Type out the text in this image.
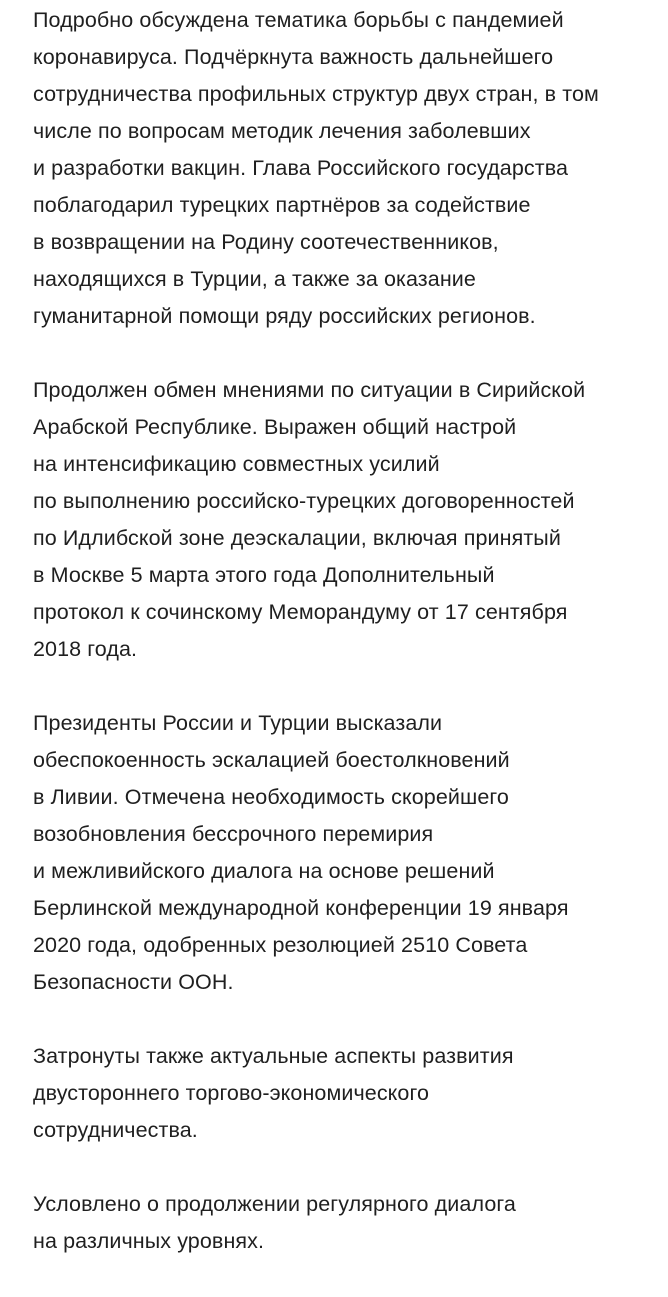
Подробно обсуждена тематика борьбы с пандемией
коронавируса. Подчёркнута важность дальнейшего
сотрудничества профильных структур двух стран, в том
числе по вопросам методик лечения заболевших
и разработки вакцин. Глава Российского государства
поблагодарил турецких партнёров за содействие
в возвращении на Родину соотечественников,
находящихся в Турции, а также за оказание
гуманитарной помощи ряду российских регионов.

Продолжен обмен мнениями по ситуации в Сирийской
Арабской Республике. Выражен общий настрой
на интенсификацию совместных усилий
по выполнению российско-турецких договоренностей
по Идлибской зоне деэскалации, включая принятый
в Москве 5 марта этого года Дополнительный
протокол к сочинскому Меморандуму от 17 сентября
2018 года.

Президенты России и Турции высказали
обеспокоенность эскалацией боестолкновений
в Ливии. Отмечена необходимость скорейшего
возобновления бессрочного перемирия
и межливийского диалога на основе решений
Берлинской международной конференции 19 января
2020 года, одобренных резолюцией 2510 Совета
Безопасности ООН.

Затронуты также актуальные аспекты развития
двустороннего торгово-экономического
сотрудничества.

Условлено о продолжении регулярного диалога
на различных уровнях.
